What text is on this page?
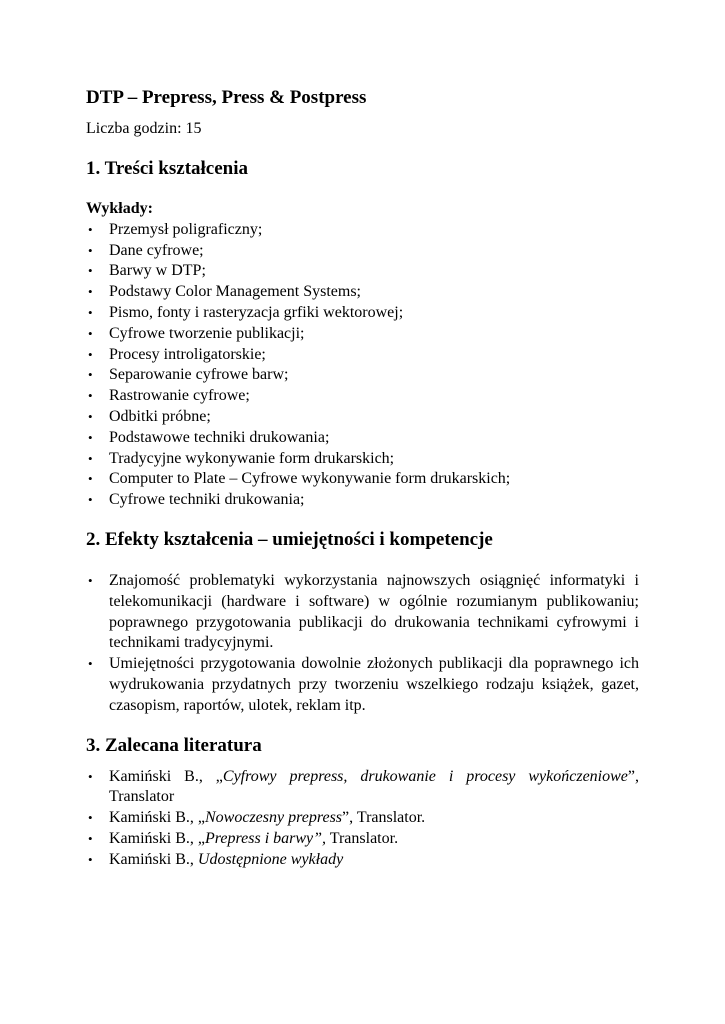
DTP – Prepress, Press & Postpress

Liczba godzin: 15

1. Treści kształcenia
Wykłady:
• Przemysł poligraficzny;
• Dane cyfrowe;
• Barwy w DTP;
• Podstawy Color Management Systems;
• Pismo, fonty i rasteryzacja grfiki wektorowej;
• Cyfrowe tworzenie publikacji;
• Procesy introligatorskie;
• Separowanie cyfrowe barw;
• Rastrowanie cyfrowe;
• Odbitki próbne;
• Podstawowe techniki drukowania;
• Tradycyjne wykonywanie form drukarskich;
• Computer to Plate – Cyfrowe wykonywanie form drukarskich;
• Cyfrowe techniki drukowania;
2. Efekty kształcenia – umiejętności i kompetencje
• Znajomość problematyki wykorzystania najnowszych osiągnięć informatyki i telekomunikacji (hardware i software) w ogólnie rozumianym publikowaniu; poprawnego przygotowania publikacji do drukowania technikami cyfrowymi i technikami tradycyjnymi.
• Umiejętności przygotowania dowolnie złożonych publikacji dla poprawnego ich wydrukowania przydatnych przy tworzeniu wszelkiego rodzaju książek, gazet, czasopism, raportów, ulotek, reklam itp.
3. Zalecana literatura
• Kamiński B., „Cyfrowy prepress, drukowanie i procesy wykończeniowe”, Translator
• Kamiński B., „Nowoczesny prepress”, Translator.
• Kamiński B., „Prepress i barwy”, Translator.
• Kamiński B., Udostępnione wykłady
